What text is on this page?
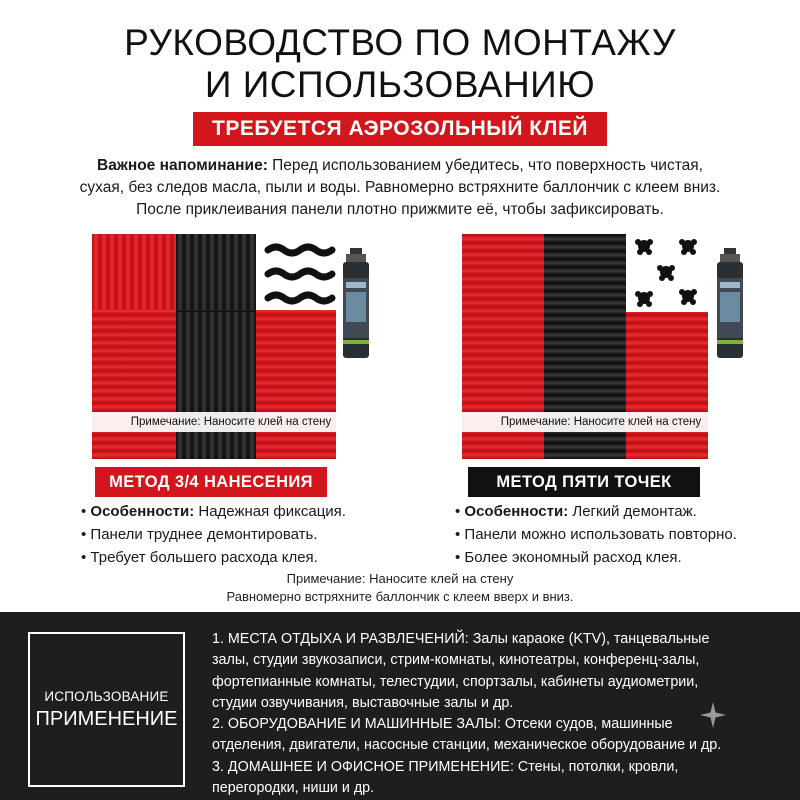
РУКОВОДСТВО ПО МОНТАЖУ
И ИСПОЛЬЗОВАНИЮ
ТРЕБУЕТСЯ АЭРОЗОЛЬНЫЙ КЛЕЙ
Важное напоминание: Перед использованием убедитесь, что поверхность чистая,
сухая, без следов масла, пыли и воды. Равномерно встряхните баллончик с клеем вниз.
После приклеивания панели плотно прижмите её, чтобы зафиксировать.
Примечание: Наносите клей на стену	Примечание: Наносите клей на стену
МЕТОД 3/4 НАНЕСЕНИЯ	МЕТОД ПЯТИ ТОЧЕК
• Особенности: Надежная фиксация.
• Панели труднее демонтировать.
• Требует большего расхода клея.
• Особенности: Легкий демонтаж.
• Панели можно использовать повторно.
• Более экономный расход клея.
Примечание: Наносите клей на стену
Равномерно встряхните баллончик с клеем вверх и вниз.
ИСПОЛЬЗОВАНИЕ
ПРИМЕНЕНИЕ
1. МЕСТА ОТДЫХА И РАЗВЛЕЧЕНИЙ: Залы караоке (KTV), танцевальные
залы, студии звукозаписи, стрим-комнаты, кинотеатры, конференц-залы,
фортепианные комнаты, телестудии, спортзалы, кабинеты аудиометрии,
студии озвучивания, выставочные залы и др.
2. ОБОРУДОВАНИЕ И МАШИННЫЕ ЗАЛЫ: Отсеки судов, машинные
отделения, двигатели, насосные станции, механическое оборудование и др.
3. ДОМАШНЕЕ И ОФИСНОЕ ПРИМЕНЕНИЕ: Стены, потолки, кровли,
перегородки, ниши и др.
